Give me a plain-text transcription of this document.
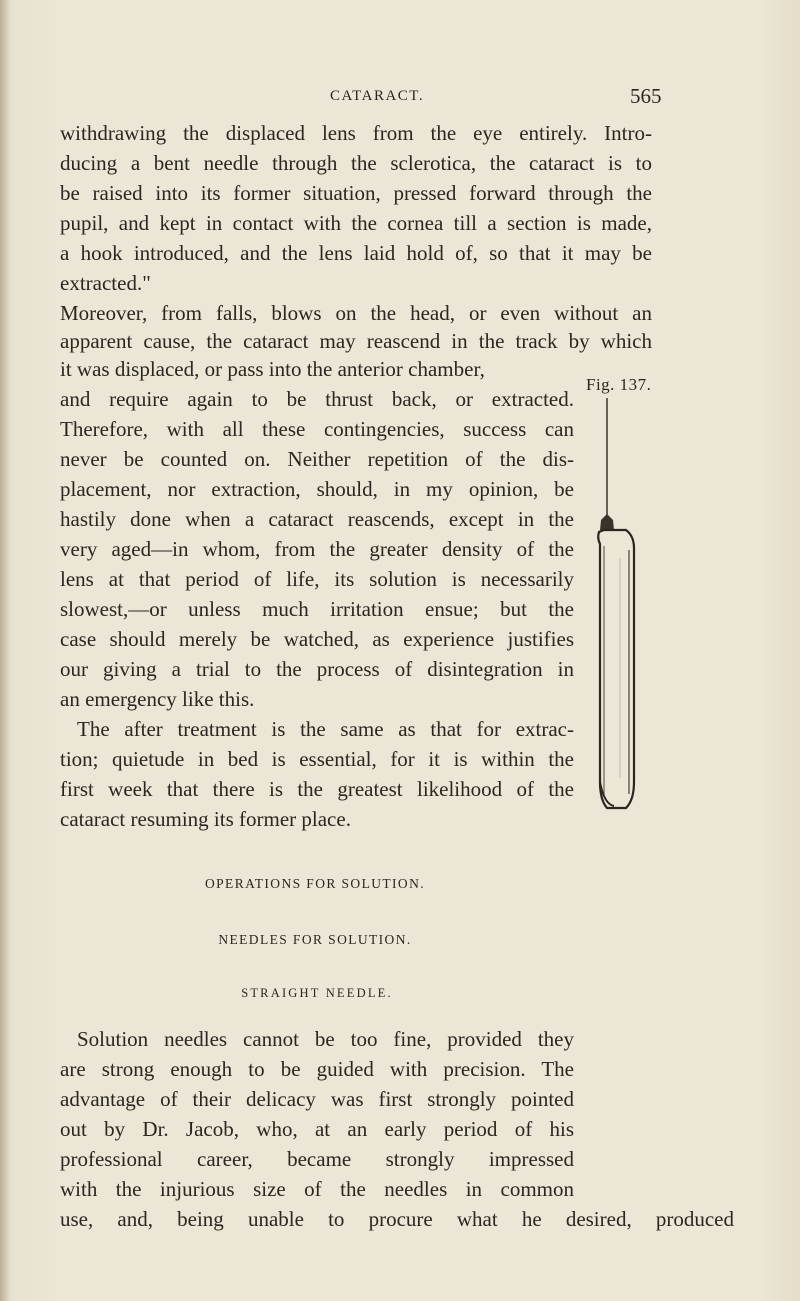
CATARACT.	565
withdrawing the displaced lens from the eye entirely. Intro-
ducing a bent needle through the sclerotica, the cataract is to
be raised into its former situation, pressed forward through the
pupil, and kept in contact with the cornea till a section is made,
a hook introduced, and the lens laid hold of, so that it may be
extracted."
Moreover, from falls, blows on the head, or even without an
apparent cause, the cataract may reascend in the track by which
it was displaced, or pass into the anterior chamber,
and require again to be thrust back, or extracted.
Therefore, with all these contingencies, success can
never be counted on. Neither repetition of the dis-
placement, nor extraction, should, in my opinion, be
hastily done when a cataract reascends, except in the
very aged—in whom, from the greater density of the
lens at that period of life, its solution is necessarily
slowest,—or unless much irritation ensue; but the
case should merely be watched, as experience justifies
our giving a trial to the process of disintegration in
an emergency like this.
The after treatment is the same as that for extrac-
tion; quietude in bed is essential, for it is within the
first week that there is the greatest likelihood of the
cataract resuming its former place.
OPERATIONS FOR SOLUTION.
NEEDLES FOR SOLUTION.
STRAIGHT NEEDLE.
Solution needles cannot be too fine, provided they
are strong enough to be guided with precision. The
advantage of their delicacy was first strongly pointed
out by Dr. Jacob, who, at an early period of his
professional career, became strongly impressed
with the injurious size of the needles in common
use, and, being unable to procure what he desired, produced
Fig. 137.
